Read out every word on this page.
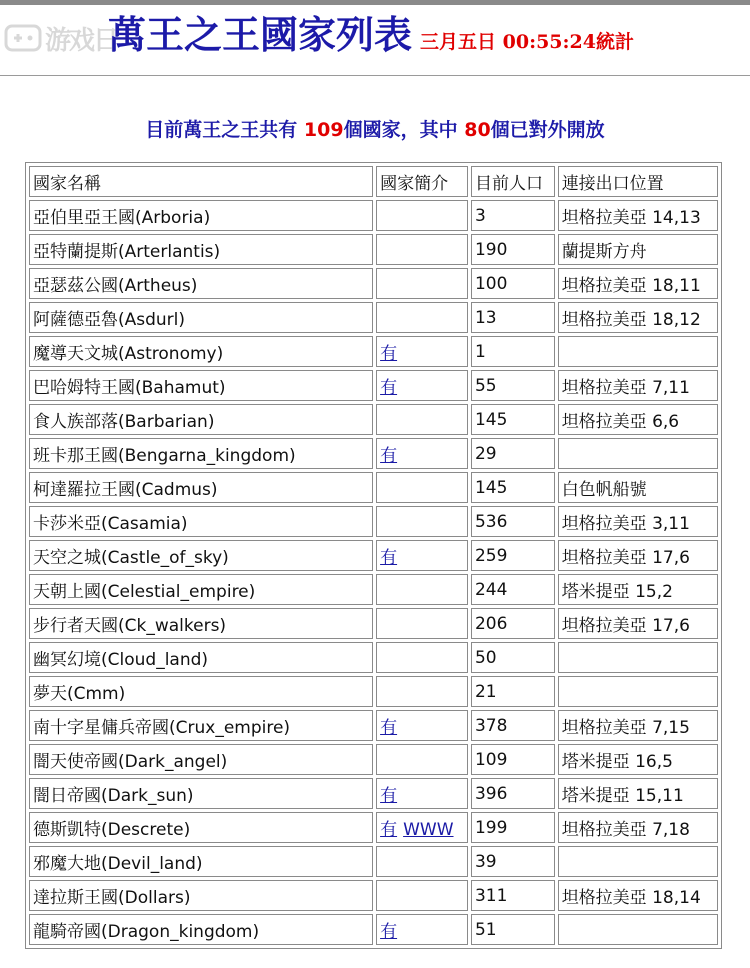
游戏日
萬王之王國家列表 三月五日 00:55:24統計
目前萬王之王共有 109個國家，其中 80個已對外開放
國家名稱	國家簡介	目前人口	連接出口位置
亞伯里亞王國(Arboria)		3	坦格拉美亞 14,13
亞特蘭提斯(Arterlantis)		190	蘭提斯方舟
亞瑟茲公國(Artheus)		100	坦格拉美亞 18,11
阿薩德亞魯(Asdurl)		13	坦格拉美亞 18,12
魔導天文城(Astronomy)	有	1	
巴哈姆特王國(Bahamut)	有	55	坦格拉美亞 7,11
食人族部落(Barbarian)		145	坦格拉美亞 6,6
班卡那王國(Bengarna_kingdom)	有	29	
柯達羅拉王國(Cadmus)		145	白色帆船號
卡莎米亞(Casamia)		536	坦格拉美亞 3,11
天空之城(Castle_of_sky)	有	259	坦格拉美亞 17,6
天朝上國(Celestial_empire)		244	塔米提亞 15,2
步行者天國(Ck_walkers)		206	坦格拉美亞 17,6
幽冥幻境(Cloud_land)		50	
夢天(Cmm)		21	
南十字星傭兵帝國(Crux_empire)	有	378	坦格拉美亞 7,15
闇天使帝國(Dark_angel)		109	塔米提亞 16,5
闇日帝國(Dark_sun)	有	396	塔米提亞 15,11
德斯凱特(Descrete)	有 WWW	199	坦格拉美亞 7,18
邪魔大地(Devil_land)		39	
達拉斯王國(Dollars)		311	坦格拉美亞 18,14
龍騎帝國(Dragon_kingdom)	有	51	
